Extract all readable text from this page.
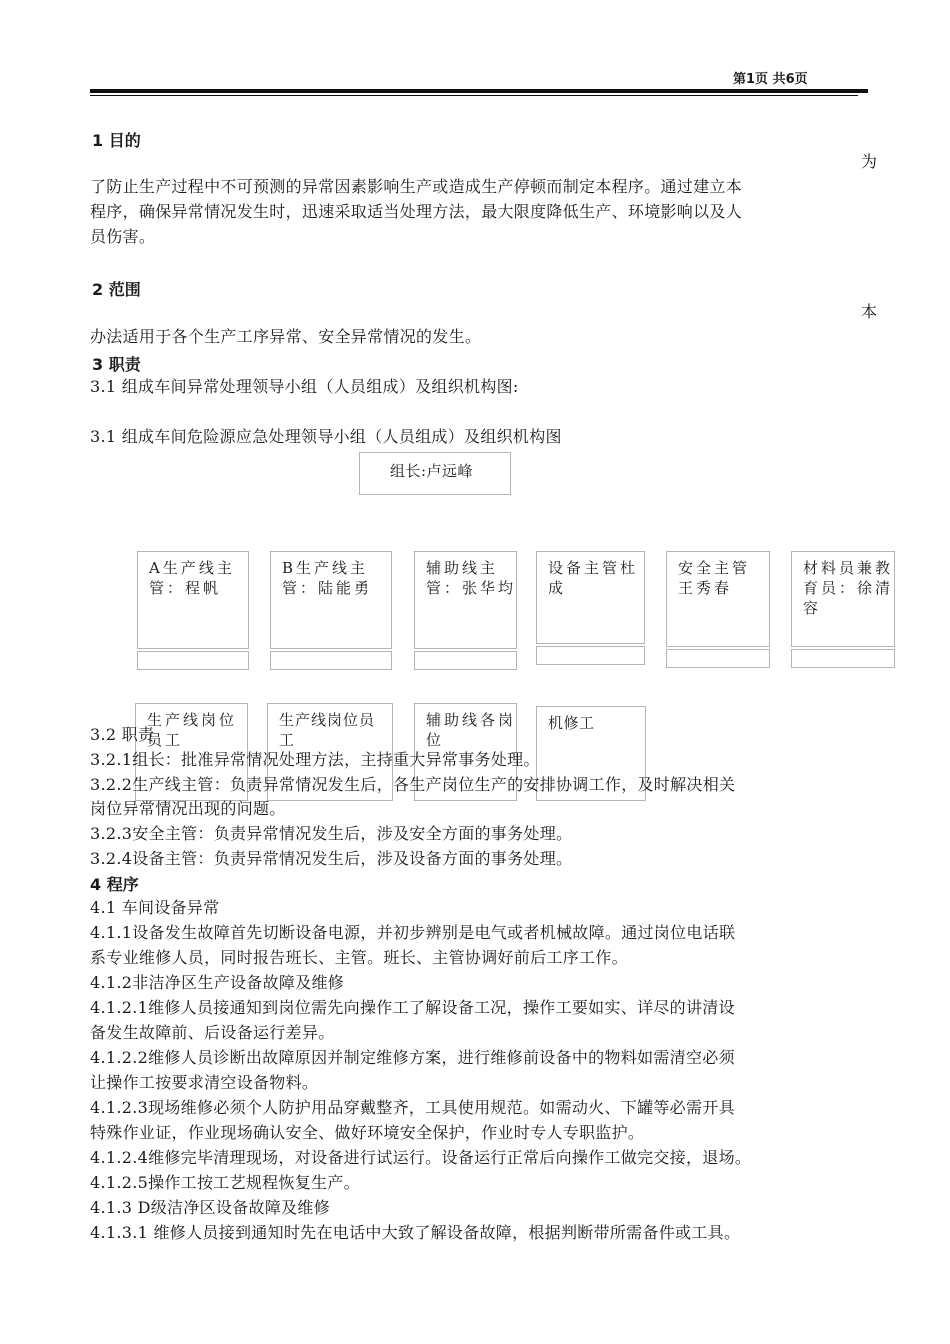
第1页 共6页
1 目的
为
了防止生产过程中不可预测的异常因素影响生产或造成生产停顿而制定本程序。通过建立本
程序，确保异常情况发生时，迅速采取适当处理方法，最大限度降低生产、环境影响以及人
员伤害。
2 范围
本
办法适用于各个生产工序异常、安全异常情况的发生。
3 职责
3.1 组成车间异常处理领导小组（人员组成）及组织机构图:
3.1 组成车间危险源应急处理领导小组（人员组成）及组织机构图
组长:卢远峰
A生产线主管：程帆
B生产线主管：陆能勇
辅助线主管：张华均
设备主管杜成
安全主管王秀春
材料员兼教育员：徐清容
生产线岗位员工
生产线岗位员工
辅助线各岗位
机修工
3.2 职责
3.2.1组长：批准异常情况处理方法，主持重大异常事务处理。
3.2.2生产线主管：负责异常情况发生后，各生产岗位生产的安排协调工作，及时解决相关
岗位异常情况出现的问题。
3.2.3安全主管：负责异常情况发生后，涉及安全方面的事务处理。
3.2.4设备主管：负责异常情况发生后，涉及设备方面的事务处理。
4 程序
4.1 车间设备异常
4.1.1设备发生故障首先切断设备电源，并初步辨别是电气或者机械故障。通过岗位电话联
系专业维修人员，同时报告班长、主管。班长、主管协调好前后工序工作。
4.1.2非洁净区生产设备故障及维修
4.1.2.1维修人员接通知到岗位需先向操作工了解设备工况，操作工要如实、详尽的讲清设
备发生故障前、后设备运行差异。
4.1.2.2维修人员诊断出故障原因并制定维修方案，进行维修前设备中的物料如需清空必须
让操作工按要求清空设备物料。
4.1.2.3现场维修必须个人防护用品穿戴整齐，工具使用规范。如需动火、下罐等必需开具
特殊作业证，作业现场确认安全、做好环境安全保护，作业时专人专职监护。
4.1.2.4维修完毕清理现场，对设备进行试运行。设备运行正常后向操作工做完交接，退场。
4.1.2.5操作工按工艺规程恢复生产。
4.1.3 D级洁净区设备故障及维修
4.1.3.1 维修人员接到通知时先在电话中大致了解设备故障，根据判断带所需备件或工具。
